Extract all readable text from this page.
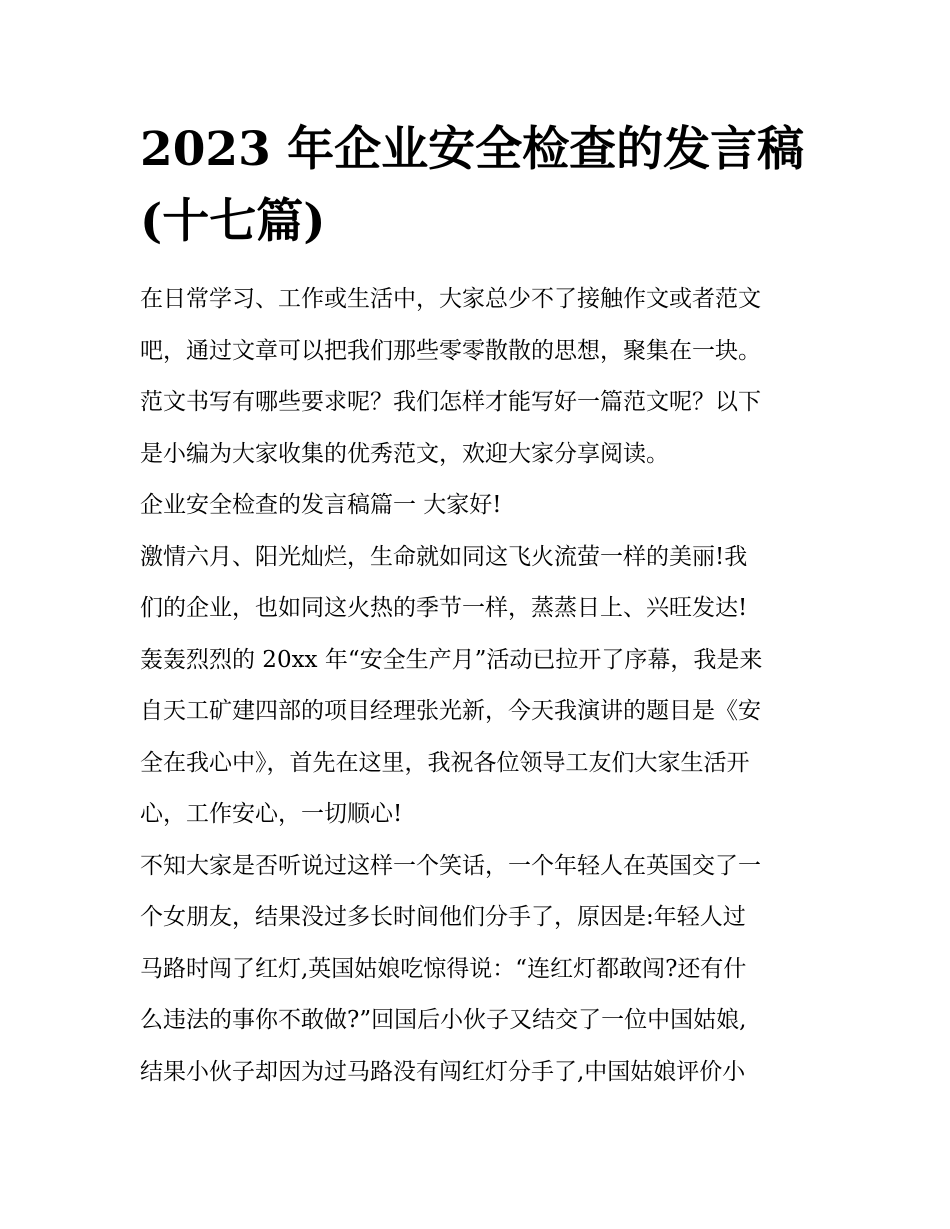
2023 年企业安全检查的发言稿
(十七篇)

在日常学习、工作或生活中，大家总少不了接触作文或者范文

吧，通过文章可以把我们那些零零散散的思想，聚集在一块。

范文书写有哪些要求呢？我们怎样才能写好一篇范文呢？以下

是小编为大家收集的优秀范文，欢迎大家分享阅读。

企业安全检查的发言稿篇一 大家好!

激情六月、阳光灿烂，生命就如同这飞火流萤一样的美丽!我

们的企业，也如同这火热的季节一样，蒸蒸日上、兴旺发达!

轰轰烈烈的 20xx 年“安全生产月”活动已拉开了序幕，我是来

自天工矿建四部的项目经理张光新，今天我演讲的题目是《安

全在我心中》，首先在这里，我祝各位领导工友们大家生活开

心，工作安心，一切顺心!

不知大家是否听说过这样一个笑话，一个年轻人在英国交了一

个女朋友，结果没过多长时间他们分手了，原因是:年轻人过

马路时闯了红灯,英国姑娘吃惊得说：“连红灯都敢闯?还有什

么违法的事你不敢做?”回国后小伙子又结交了一位中国姑娘,

结果小伙子却因为过马路没有闯红灯分手了,中国姑娘评价小
